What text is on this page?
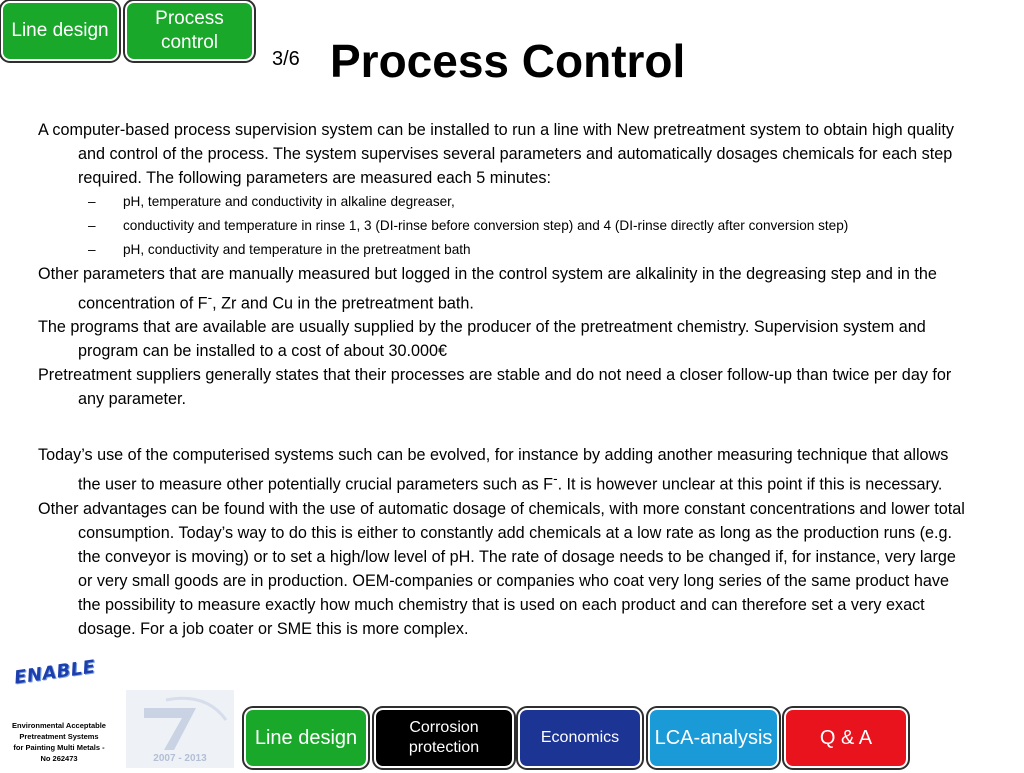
Line design
Process control
3/6 Process Control

A computer-based process supervision system can be installed to run a line with New pretreatment system to obtain high quality and control of the process. The system supervises several parameters and automatically dosages chemicals for each step required. The following parameters are measured each 5 minutes:

– pH, temperature and conductivity in alkaline degreaser,

– conductivity and temperature in rinse 1, 3 (DI-rinse before conversion step) and 4 (DI-rinse directly after conversion step)

– pH, conductivity and temperature in the pretreatment bath

Other parameters that are manually measured but logged in the control system are alkalinity in the degreasing step and in the concentration of F-, Zr and Cu in the pretreatment bath.

The programs that are available are usually supplied by the producer of the pretreatment chemistry. Supervision system and program can be installed to a cost of about 30.000€

Pretreatment suppliers generally states that their processes are stable and do not need a closer follow-up than twice per day for any parameter.

Today’s use of the computerised systems such can be evolved, for instance by adding another measuring technique that allows the user to measure other potentially crucial parameters such as F-. It is however unclear at this point if this is necessary.

Other advantages can be found with the use of automatic dosage of chemicals, with more constant concentrations and lower total consumption. Today’s way to do this is either to constantly add chemicals at a low rate as long as the production runs (e.g. the conveyor is moving) or to set a high/low level of pH. The rate of dosage needs to be changed if, for instance, very large or very small goods are in production. OEM-companies or companies who coat very long series of the same product have the possibility to measure exactly how much chemistry that is used on each product and can therefore set a very exact dosage. For a job coater or SME this is more complex.

ENABLE
Environmental Acceptable
Pretreatment Systems
for Painting Multi Metals -
No 262473	2007 - 2013
Line design	Corrosion protection
Economics LCA-analysis Q & A
